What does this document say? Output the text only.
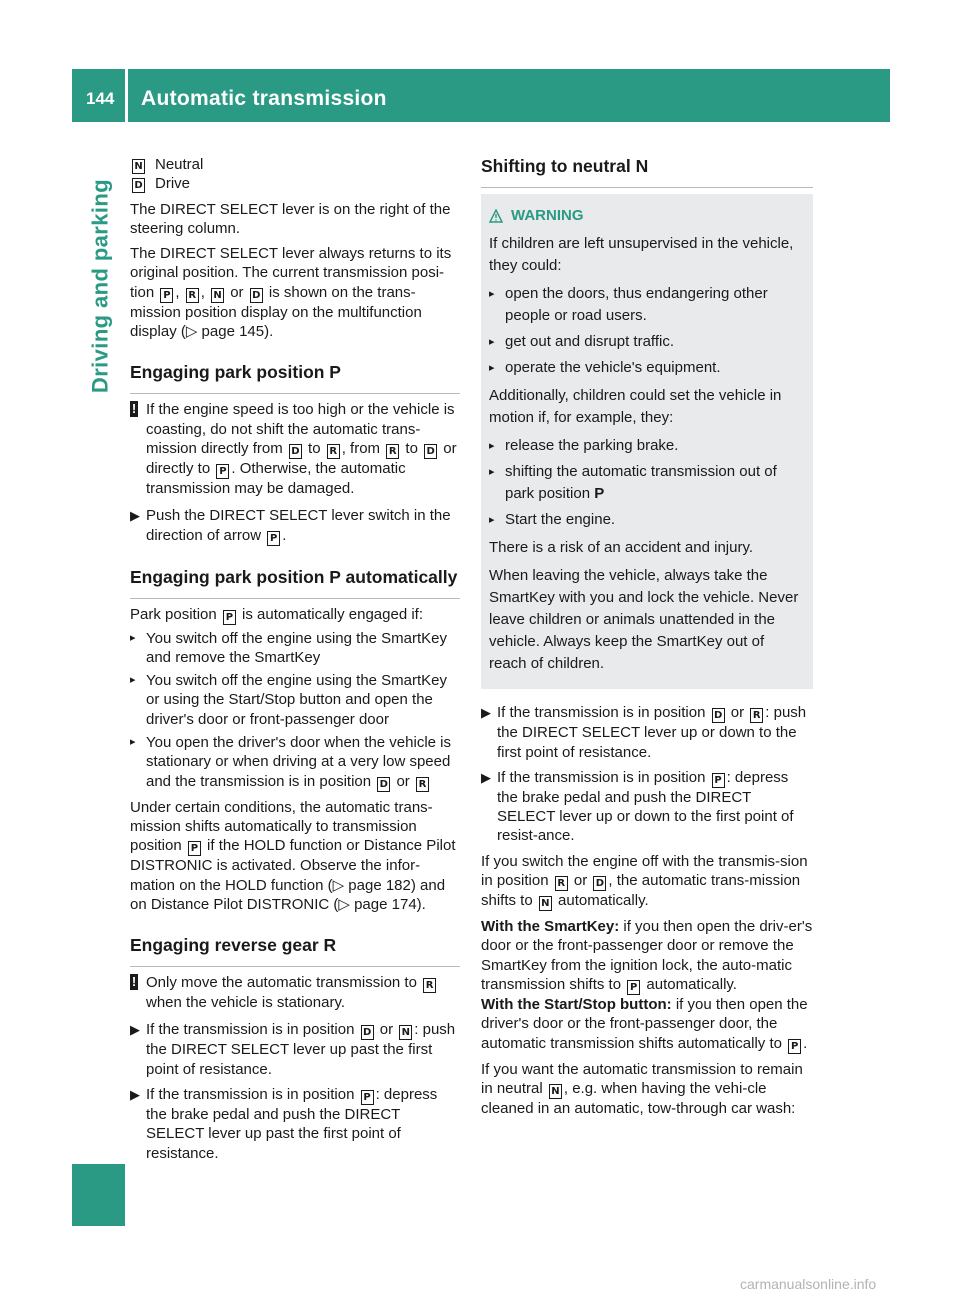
144 Automatic transmission
Driving and parking
carmanualsonline.info
N Neutral
D Drive

The DIRECT SELECT lever is on the right of the steering column.

The DIRECT SELECT lever always returns to its original position. The current transmission posi-tion P , R , N or D is shown on the trans-mission position display on the multifunction display (▷ page 145).

Engaging park position P
! If the engine speed is too high or the vehicle is coasting, do not shift the automatic trans-mission directly from D to R , from R to D or directly to P . Otherwise, the automatic transmission may be damaged.
▶ Push the DIRECT SELECT lever switch in the direction of arrow P .
Engaging park position P automatically

Park position P is automatically engaged if:

▸ You switch off the engine using the SmartKey and remove the SmartKey
▸ You switch off the engine using the SmartKey or using the Start/Stop button and open the driver's door or front-passenger door
▸ You open the driver's door when the vehicle is stationary or when driving at a very low speed and the transmission is in position D or R

Under certain conditions, the automatic trans-mission shifts automatically to transmission position P if the HOLD function or Distance Pilot DISTRONIC is activated. Observe the infor-mation on the HOLD function (▷ page 182) and on Distance Pilot DISTRONIC (▷ page 174).

Engaging reverse gear R
! Only move the automatic transmission to R when the vehicle is stationary.
▶ If the transmission is in position D or N : push the DIRECT SELECT lever up past the first point of resistance.
▶ If the transmission is in position P : depress the brake pedal and push the DIRECT SELECT lever up past the first point of resistance.
Shifting to neutral N
WARNING

If children are left unsupervised in the vehicle, they could:

▸ open the doors, thus endangering other people or road users.
▸ get out and disrupt traffic.
▸ operate the vehicle's equipment.

Additionally, children could set the vehicle in motion if, for example, they:

▸ release the parking brake.
▸ shifting the automatic transmission out of park position P
▸ Start the engine.

There is a risk of an accident and injury.

When leaving the vehicle, always take the SmartKey with you and lock the vehicle. Never leave children or animals unattended in the vehicle. Always keep the SmartKey out of reach of children.

▶ If the transmission is in position D or R : push the DIRECT SELECT lever up or down to the first point of resistance.
▶ If the transmission is in position P : depress the brake pedal and push the DIRECT SELECT lever up or down to the first point of resist-ance.

If you switch the engine off with the transmis-sion in position R or D , the automatic trans-mission shifts to N automatically.

With the SmartKey: if you then open the driv-er's door or the front-passenger door or remove the SmartKey from the ignition lock, the auto-matic transmission shifts to P automatically.

With the Start/Stop button: if you then open the driver's door or the front-passenger door, the automatic transmission shifts automatically to P .

If you want the automatic transmission to remain in neutral N , e.g. when having the vehi-cle cleaned in an automatic, tow-through car wash:
